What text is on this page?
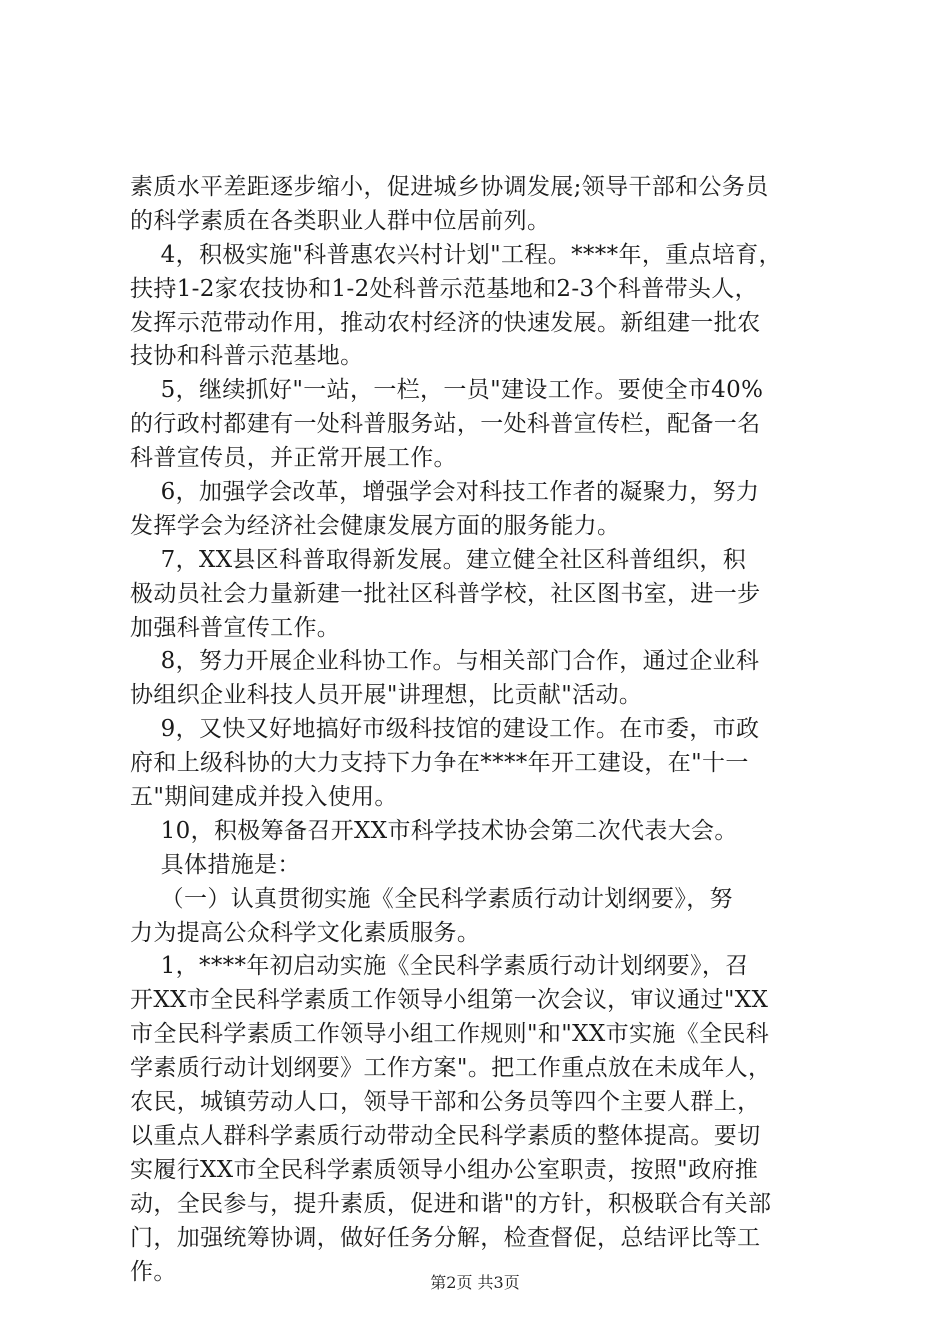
素质水平差距逐步缩小，促进城乡协调发展;领导干部和公务员
的科学素质在各类职业人群中位居前列。
4，积极实施"科普惠农兴村计划"工程。****年，重点培育，
扶持1-2家农技协和1-2处科普示范基地和2-3个科普带头人，
发挥示范带动作用，推动农村经济的快速发展。新组建一批农
技协和科普示范基地。
5，继续抓好"一站，一栏，一员"建设工作。要使全市40%
的行政村都建有一处科普服务站，一处科普宣传栏，配备一名
科普宣传员，并正常开展工作。
6，加强学会改革，增强学会对科技工作者的凝聚力，努力
发挥学会为经济社会健康发展方面的服务能力。
7，XX县区科普取得新发展。建立健全社区科普组织，积
极动员社会力量新建一批社区科普学校，社区图书室，进一步
加强科普宣传工作。
8，努力开展企业科协工作。与相关部门合作，通过企业科
协组织企业科技人员开展"讲理想，比贡献"活动。
9，又快又好地搞好市级科技馆的建设工作。在市委，市政
府和上级科协的大力支持下力争在****年开工建设，在"十一
五"期间建成并投入使用。
10，积极筹备召开XX市科学技术协会第二次代表大会。
具体措施是：
（一）认真贯彻实施《全民科学素质行动计划纲要》，努
力为提高公众科学文化素质服务。
1，****年初启动实施《全民科学素质行动计划纲要》，召
开XX市全民科学素质工作领导小组第一次会议，审议通过"XX
市全民科学素质工作领导小组工作规则"和"XX市实施《全民科
学素质行动计划纲要》工作方案"。把工作重点放在未成年人，
农民，城镇劳动人口，领导干部和公务员等四个主要人群上，
以重点人群科学素质行动带动全民科学素质的整体提高。要切
实履行XX市全民科学素质领导小组办公室职责，按照"政府推
动，全民参与，提升素质，促进和谐"的方针，积极联合有关部
门，加强统筹协调，做好任务分解，检查督促，总结评比等工
作。	第2页 共3页
